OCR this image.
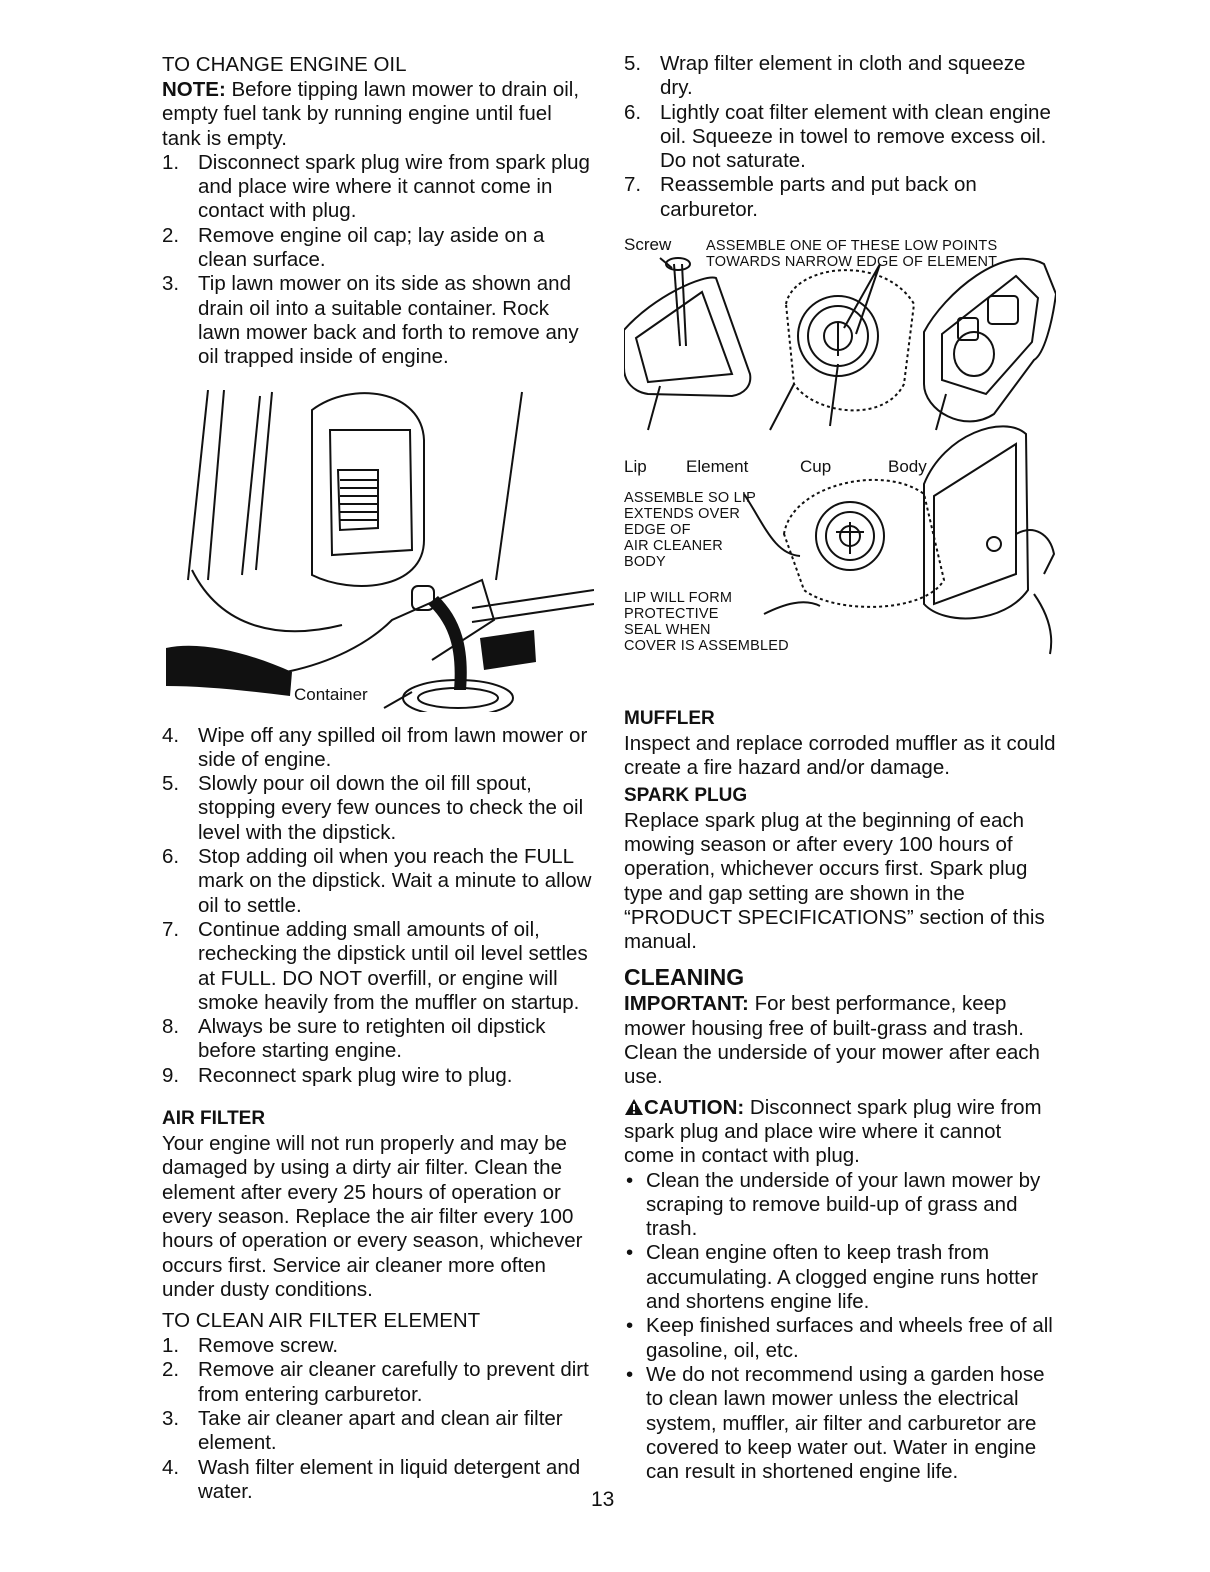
TO CHANGE ENGINE OIL

NOTE: Before tipping lawn mower to drain oil, empty fuel tank by running engine until fuel tank is empty.

1. Disconnect spark plug wire from spark plug and place wire where it cannot come in contact with plug.
2. Remove engine oil cap; lay aside on a clean surface.
3. Tip lawn mower on its side as shown and drain oil into a suitable container. Rock lawn mower back and forth to remove any oil trapped inside of engine.
Container
4. Wipe off any spilled oil from lawn mower or side of engine.
5. Slowly pour oil down the oil fill spout, stopping every few ounces to check the oil level with the dipstick.
6. Stop adding oil when you reach the FULL mark on the dipstick. Wait a minute to allow oil to settle.
7. Continue adding small amounts of oil, rechecking the dipstick until oil level settles at FULL. DO NOT overfill, or engine will smoke heavily from the muffler on startup.
8. Always be sure to retighten oil dipstick before starting engine.
9. Reconnect spark plug wire to plug.

AIR FILTER

Your engine will not run properly and may be damaged by using a dirty air filter. Clean the element after every 25 hours of operation or every season. Replace the air filter every 100 hours of operation or every season, whichever occurs first. Service air cleaner more often under dusty conditions.

TO CLEAN AIR FILTER ELEMENT

1. Remove screw.
2. Remove air cleaner carefully to prevent dirt from entering carburetor.
3. Take air cleaner apart and clean air filter element.
4. Wash filter element in liquid detergent and water.
5. Wrap filter element in cloth and squeeze dry.
6. Lightly coat filter element with clean engine oil. Squeeze in towel to remove excess oil. Do not saturate.
7. Reassemble parts and put back on carburetor.
Screw ASSEMBLE ONE OF THESE LOW POINTS
TOWARDS NARROW EDGE OF ELEMENT
Lip Element	Cup	Body
ASSEMBLE SO LIP
EXTENDS OVER
EDGE OF
AIR CLEANER
BODY
LIP WILL FORM
PROTECTIVE
SEAL WHEN
COVER IS ASSEMBLED

MUFFLER

Inspect and replace corroded muffler as it could create a fire hazard and/or damage.

SPARK PLUG

Replace spark plug at the beginning of each mowing season or after every 100 hours of operation, whichever occurs first. Spark plug type and gap setting are shown in the “PRODUCT SPECIFICATIONS” section of this manual.

CLEANING

IMPORTANT: For best performance, keep mower housing free of built-grass and trash. Clean the underside of your mower after each use.

CAUTION: Disconnect spark plug wire from spark plug and place wire where it cannot come in contact with plug.

• Clean the underside of your lawn mower by scraping to remove build-up of grass and trash.
• Clean engine often to keep trash from accumulating. A clogged engine runs hotter and shortens engine life.
• Keep finished surfaces and wheels free of all gasoline, oil, etc.
• We do not recommend using a garden hose to clean lawn mower unless the electrical system, muffler, air filter and carburetor are covered to keep water out. Water in engine can result in shortened engine life.
13
